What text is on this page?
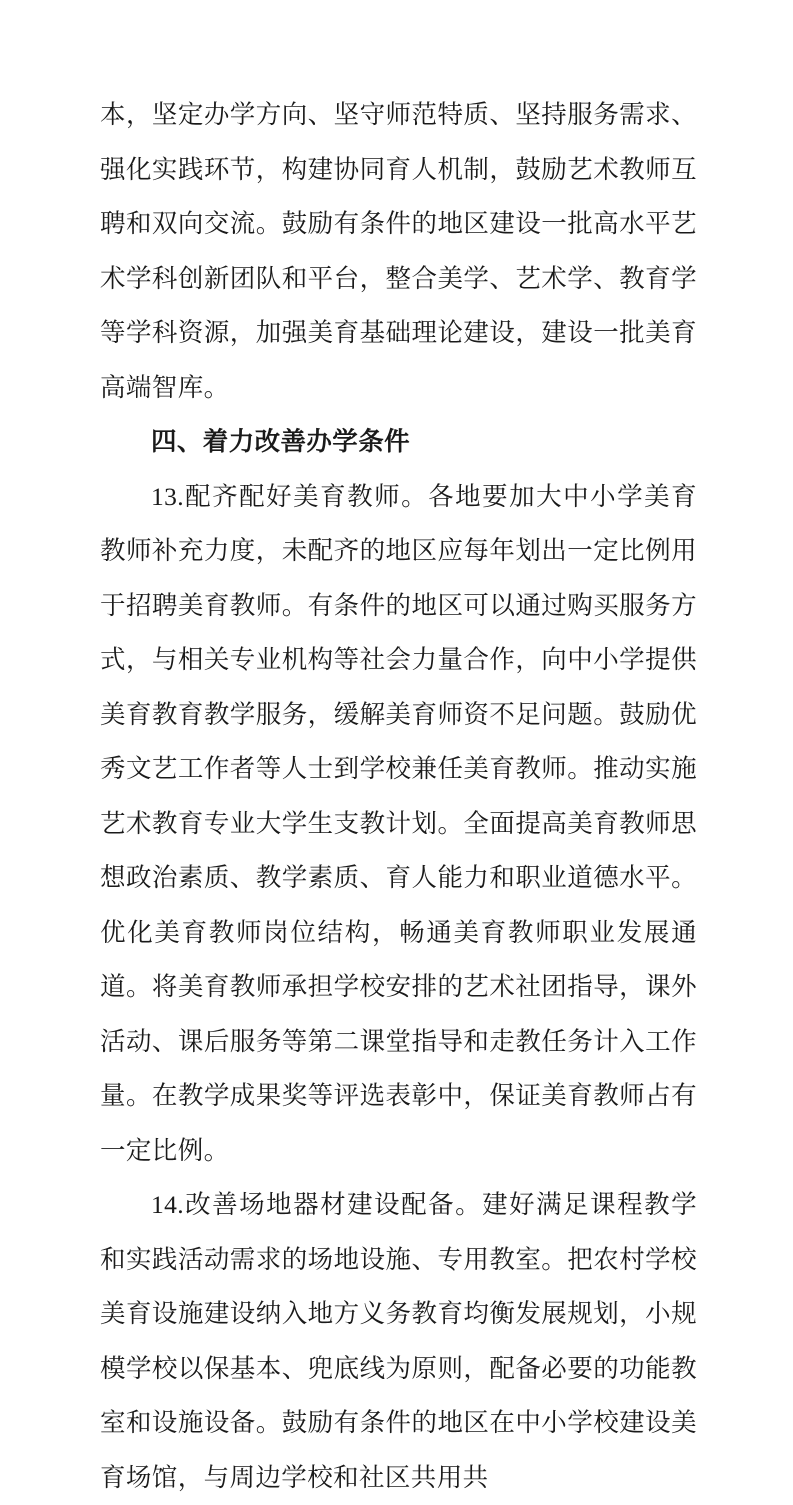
本，坚定办学方向、坚守师范特质、坚持服务需求、强化实践环节，构建协同育人机制，鼓励艺术教师互聘和双向交流。鼓励有条件的地区建设一批高水平艺术学科创新团队和平台，整合美学、艺术学、教育学等学科资源，加强美育基础理论建设，建设一批美育高端智库。

四、着力改善办学条件

13.配齐配好美育教师。各地要加大中小学美育教师补充力度，未配齐的地区应每年划出一定比例用于招聘美育教师。有条件的地区可以通过购买服务方式，与相关专业机构等社会力量合作，向中小学提供美育教育教学服务，缓解美育师资不足问题。鼓励优秀文艺工作者等人士到学校兼任美育教师。推动实施艺术教育专业大学生支教计划。全面提高美育教师思想政治素质、教学素质、育人能力和职业道德水平。优化美育教师岗位结构，畅通美育教师职业发展通道。将美育教师承担学校安排的艺术社团指导，课外活动、课后服务等第二课堂指导和走教任务计入工作量。在教学成果奖等评选表彰中，保证美育教师占有一定比例。

14.改善场地器材建设配备。建好满足课程教学和实践活动需求的场地设施、专用教室。把农村学校美育设施建设纳入地方义务教育均衡发展规划，小规模学校以保基本、兜底线为原则，配备必要的功能教室和设施设备。鼓励有条件的地区在中小学校建设美育场馆，与周边学校和社区共用共
